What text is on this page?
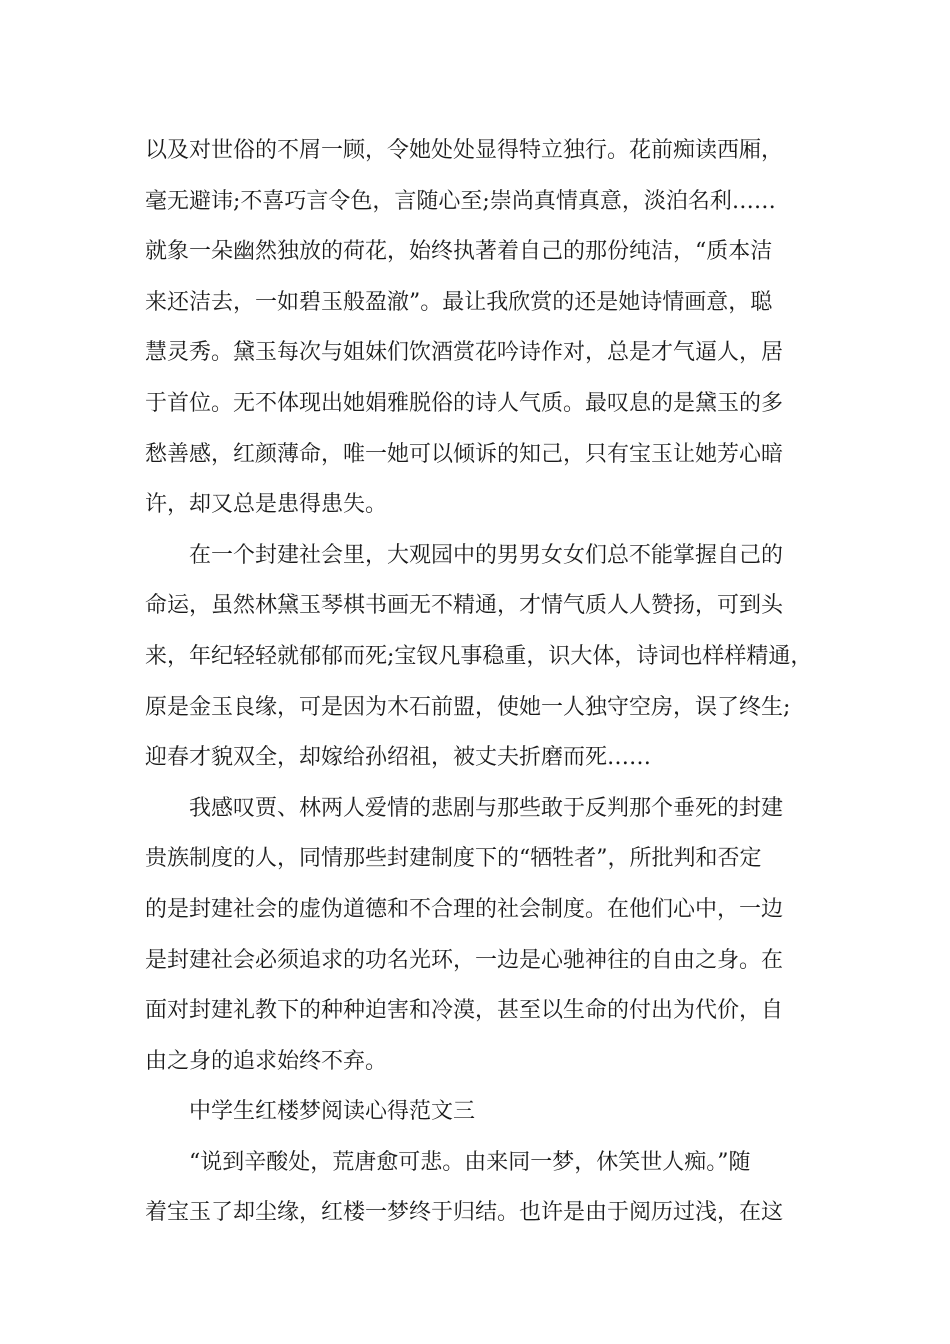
以及对世俗的不屑一顾，令她处处显得特立独行。花前痴读西厢，
毫无避讳;不喜巧言令色，言随心至;崇尚真情真意，淡泊名利……
就象一朵幽然独放的荷花，始终执著着自己的那份纯洁，“质本洁
来还洁去，一如碧玉般盈澈”。最让我欣赏的还是她诗情画意，聪
慧灵秀。黛玉每次与姐妹们饮酒赏花吟诗作对，总是才气逼人，居
于首位。无不体现出她娟雅脱俗的诗人气质。最叹息的是黛玉的多
愁善感，红颜薄命，唯一她可以倾诉的知己，只有宝玉让她芳心暗
许，却又总是患得患失。
在一个封建社会里，大观园中的男男女女们总不能掌握自己的
命运，虽然林黛玉琴棋书画无不精通，才情气质人人赞扬，可到头
来，年纪轻轻就郁郁而死;宝钗凡事稳重，识大体，诗词也样样精通，
原是金玉良缘，可是因为木石前盟，使她一人独守空房，误了终生;
迎春才貌双全，却嫁给孙绍祖，被丈夫折磨而死……
我感叹贾、林两人爱情的悲剧与那些敢于反判那个垂死的封建
贵族制度的人，同情那些封建制度下的“牺牲者”，所批判和否定
的是封建社会的虚伪道德和不合理的社会制度。在他们心中，一边
是封建社会必须追求的功名光环，一边是心驰神往的自由之身。在
面对封建礼教下的种种迫害和冷漠，甚至以生命的付出为代价，自
由之身的追求始终不弃。
中学生红楼梦阅读心得范文三
“说到辛酸处，荒唐愈可悲。由来同一梦，休笑世人痴。”随
着宝玉了却尘缘，红楼一梦终于归结。也许是由于阅历过浅，在这
